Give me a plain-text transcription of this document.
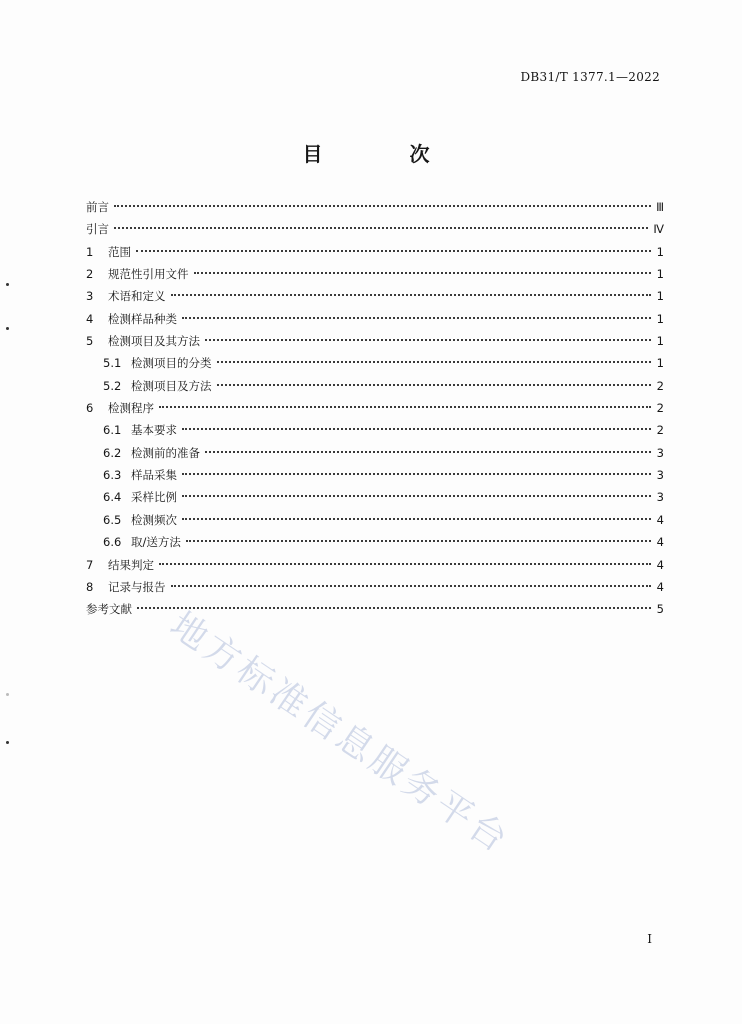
DB31/T 1377.1—2022
目 次
前言	Ⅲ
引言	Ⅳ
1	范围	1
2	规范性引用文件	1
3	术语和定义	1
4	检测样品种类	1
5	检测项目及其方法	1
5.1 检测项目的分类	1
5.2 检测项目及方法	2
6	检测程序	2
6.1 基本要求	2
6.2 检测前的准备	3
6.3 样品采集	3
6.4 采样比例	3
6.5 检测频次	4
6.6 取/送方法	4
7	结果判定	4
8	记录与报告	4
参考文献	5
地方标准信息服务平台
I
